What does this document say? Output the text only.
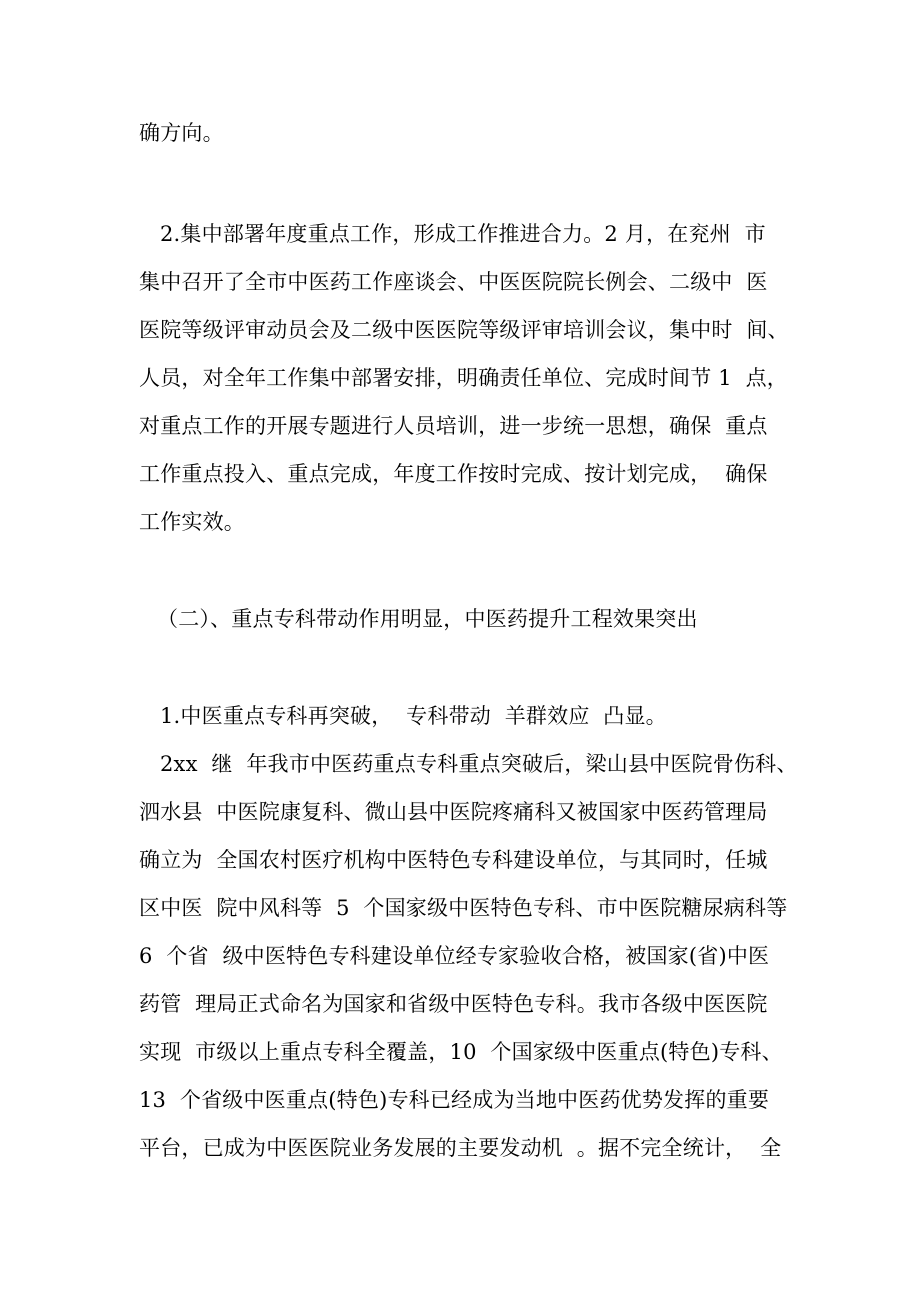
确方向。
2.集中部署年度重点工作，形成工作推进合力。2 月，在兖州  市
集中召开了全市中医药工作座谈会、中医医院院长例会、二级中  医
医院等级评审动员会及二级中医医院等级评审培训会议，集中时  间、
人员，对全年工作集中部署安排，明确责任单位、完成时间节 1  点，
对重点工作的开展专题进行人员培训，进一步统一思想，确保  重点
工作重点投入、重点完成，年度工作按时完成、按计划完成，  确保
工作实效。
（二）、重点专科带动作用明显，中医药提升工程效果突出
1.中医重点专科再突破，  专科带动  羊群效应  凸显。
2xx  继  年我市中医药重点专科重点突破后，梁山县中医院骨伤科、
泗水县  中医院康复科、微山县中医院疼痛科又被国家中医药管理局
确立为  全国农村医疗机构中医特色专科建设单位，与其同时，任城
区中医  院中风科等  5  个国家级中医特色专科、市中医院糖尿病科等
6  个省  级中医特色专科建设单位经专家验收合格，被国家(省)中医
药管  理局正式命名为国家和省级中医特色专科。我市各级中医医院
实现  市级以上重点专科全覆盖，10  个国家级中医重点(特色)专科、
13  个省级中医重点(特色)专科已经成为当地中医药优势发挥的重要
平台，已成为中医医院业务发展的主要发动机  。据不完全统计，  全
